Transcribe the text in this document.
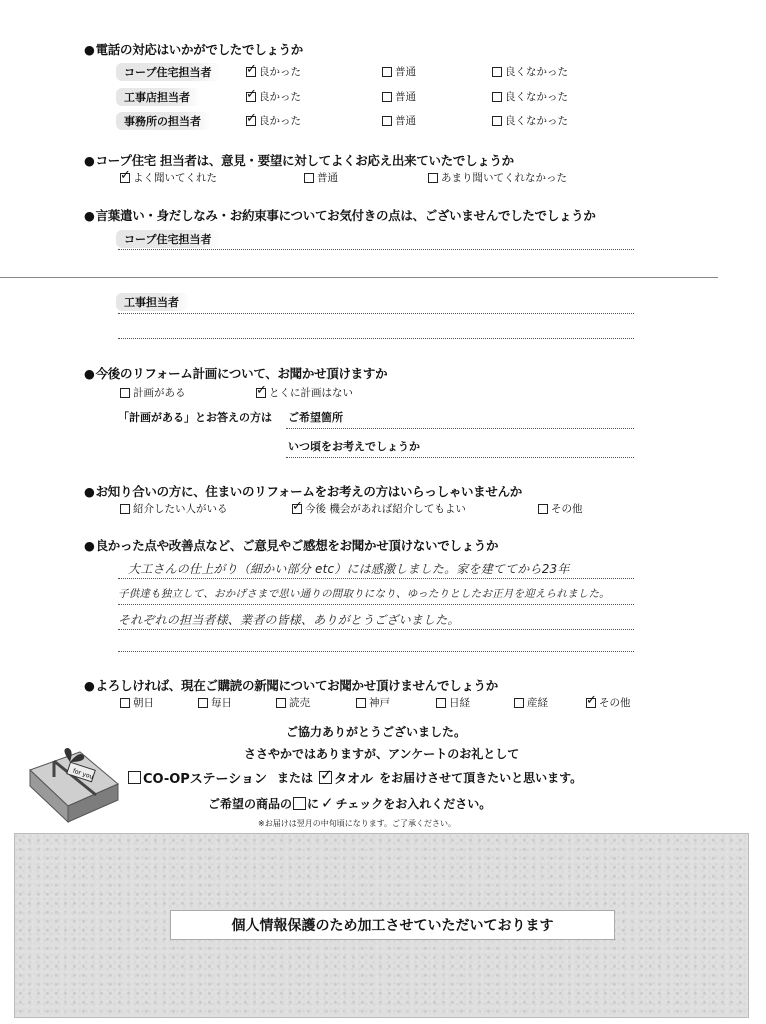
● 電話の対応はいかがでしたでしょうか
コープ住宅担当者 ✓	良かった	普通	良くなかった
工事店担当者 ✓	良かった	普通	良くなかった
事務所の担当者 ✓	良かった	普通	良くなかった
● コープ住宅 担当者は、意見・要望に対してよくお応え出来ていたでしょうか
✓
よく聞いてくれた	普通	あまり聞いてくれなかった
● 言葉遣い・身だしなみ・お約束事についてお気付きの点は、ございませんでしたでしょうか
コープ住宅担当者
工事担当者
● 今後のリフォーム計画について、お聞かせ頂けますか
計画がある ✓	とくに計画はない
「計画がある」とお答えの方は ご希望箇所
いつ頃をお考えでしょうか
● お知り合いの方に、住まいのリフォームをお考えの方はいらっしゃいませんか
紹介したい人がいる ✓	今後 機会があれば紹介してもよい	その他
● 良かった点や改善点など、ご意見やご感想をお聞かせ頂けないでしょうか
大工さんの仕上がり（細かい部分 etc）には感激しました。家を建ててから23年
子供達も独立して、おかげさまで思い通りの間取りになり、ゆったりとしたお正月を迎えられました。
それぞれの担当者様、業者の皆様、ありがとうございました。
● よろしければ、現在ご購読の新聞についてお聞かせ頂けませんでしょうか
朝日	毎日	読売	神戸	日経	産経 ✓	その他
for you
ご協力ありがとうございました。
ささやかではありますが、アンケートのお礼として
CO-OPステーション または ✓ タオル をお届けさせて頂きたいと思います。
ご希望の商品の に ✓ チェックをお入れください。
※お届けは翌月の中旬頃になります。ご了承ください。
個人情報保護のため加工させていただいております
